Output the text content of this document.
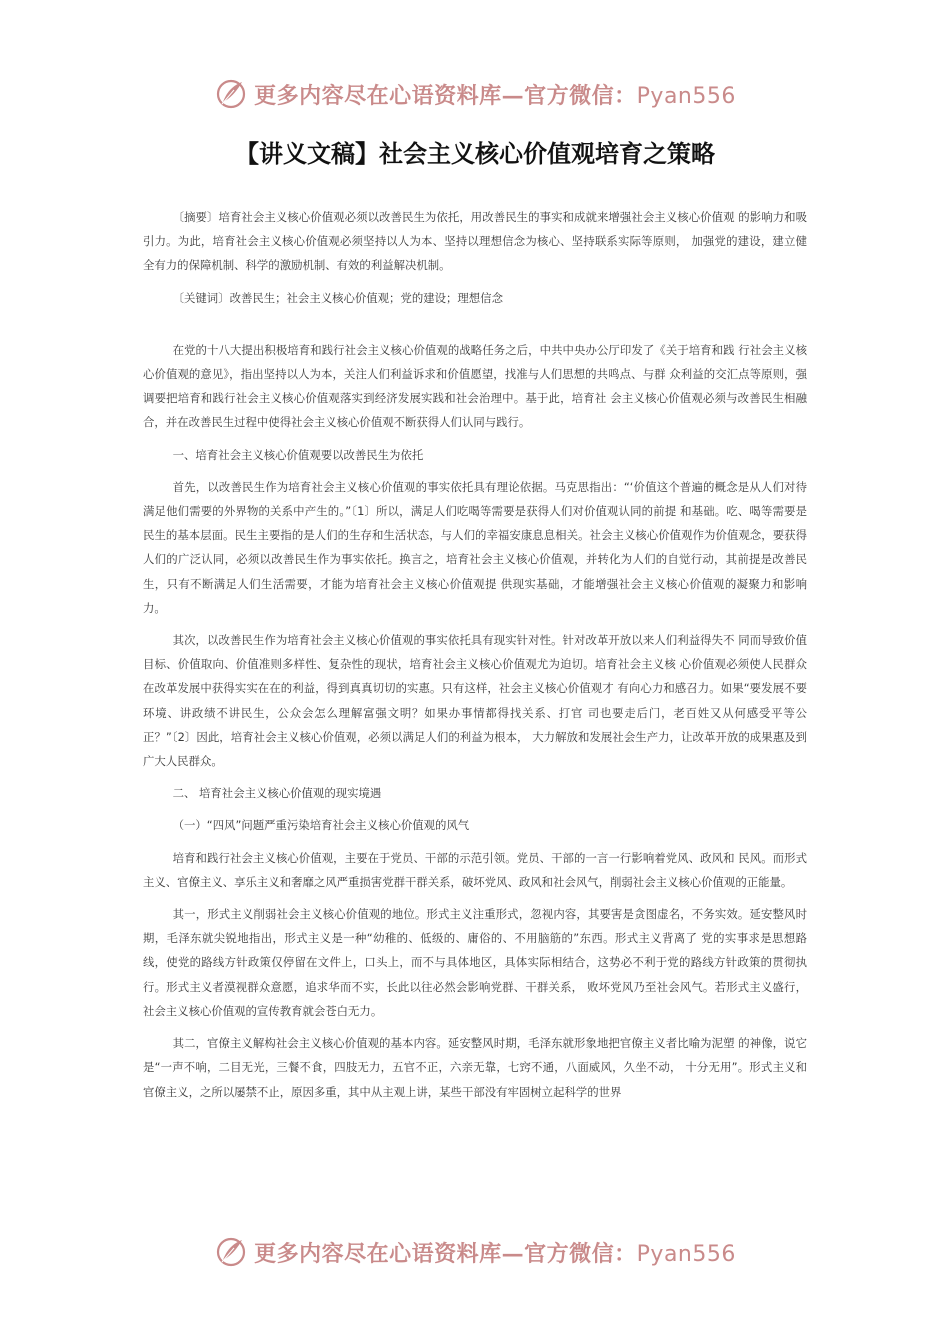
更多内容尽在心语资料库—官方微信：Pyan556
【讲义文稿】社会主义核心价值观培育之策略

〔摘要〕培育社会主义核心价值观必须以改善民生为依托，用改善民生的事实和成就来增强社会主义核心价值观 的影响力和吸引力。为此，培育社会主义核心价值观必须坚持以人为本、坚持以理想信念为核心、坚持联系实际等原则， 加强党的建设，建立健全有力的保障机制、科学的激励机制、有效的利益解决机制。

〔关键词〕改善民生；社会主义核心价值观；党的建设；理想信念

在党的十八大提出积极培育和践行社会主义核心价值观的战略任务之后，中共中央办公厅印发了《关于培育和践 行社会主义核心价值观的意见》，指出坚持以人为本，关注人们利益诉求和价值愿望，找准与人们思想的共鸣点、与群 众利益的交汇点等原则，强调要把培育和践行社会主义核心价值观落实到经济发展实践和社会治理中。基于此，培育社 会主义核心价值观必须与改善民生相融合，并在改善民生过程中使得社会主义核心价值观不断获得人们认同与践行。

一、培育社会主义核心价值观要以改善民生为依托

首先，以改善民生作为培育社会主义核心价值观的事实依托具有理论依据。马克思指出：“‘价值这个普遍的概念是从人们对待满足他们需要的外界物的关系中产生的。”〔1〕所以，满足人们吃喝等需要是获得人们对价值观认同的前提 和基础。吃、喝等需要是民生的基本层面。民生主要指的是人们的生存和生活状态，与人们的幸福安康息息相关。社会主义核心价值观作为价值观念，要获得人们的广泛认同，必须以改善民生作为事实依托。换言之，培育社会主义核心价值观，并转化为人们的自觉行动，其前提是改善民生，只有不断满足人们生活需要，才能为培育社会主义核心价值观提 供现实基础，才能增强社会主义核心价值观的凝聚力和影响力。

其次，以改善民生作为培育社会主义核心价值观的事实依托具有现实针对性。针对改革开放以来人们利益得失不 同而导致价值目标、价值取向、价值准则多样性、复杂性的现状，培育社会主义核心价值观尤为迫切。培育社会主义核 心价值观必须使人民群众在改革发展中获得实实在在的利益，得到真真切切的实惠。只有这样，社会主义核心价值观才 有向心力和感召力。如果“要发展不要环境、讲政绩不讲民生，公众会怎么理解富强文明？如果办事情都得找关系、打官 司也要走后门，老百姓又从何感受平等公正？”〔2〕因此，培育社会主义核心价值观，必须以满足人们的利益为根本， 大力解放和发展社会生产力，让改革开放的成果惠及到广大人民群众。

二、 培育社会主义核心价值观的现实境遇

（一）“四风”问题严重污染培育社会主义核心价值观的风气

培育和践行社会主义核心价值观，主要在于党员、干部的示范引领。党员、干部的一言一行影响着党风、政风和 民风。而形式主义、官僚主义、享乐主义和奢靡之风严重损害党群干群关系，破坏党风、政风和社会风气，削弱社会主义核心价值观的正能量。

其一，形式主义削弱社会主义核心价值观的地位。形式主义注重形式，忽视内容，其要害是贪图虚名，不务实效。延安整风时期，毛泽东就尖锐地指出，形式主义是一种“幼稚的、低级的、庸俗的、不用脑筋的”东西。形式主义背离了 党的实事求是思想路线，使党的路线方针政策仅停留在文件上，口头上，而不与具体地区，具体实际相结合，这势必不利于党的路线方针政策的贯彻执行。形式主义者漠视群众意愿，追求华而不实，长此以往必然会影响党群、干群关系， 败坏党风乃至社会风气。若形式主义盛行，社会主义核心价值观的宣传教育就会苍白无力。

其二，官僚主义解构社会主义核心价值观的基本内容。延安整风时期，毛泽东就形象地把官僚主义者比喻为泥塑 的神像，说它是“一声不响，二目无光，三餐不食，四肢无力，五官不正，六亲无靠，七窍不通，八面威风，久坐不动， 十分无用”。形式主义和官僚主义，之所以屡禁不止，原因多重，其中从主观上讲，某些干部没有牢固树立起科学的世界

更多内容尽在心语资料库—官方微信：Pyan556
